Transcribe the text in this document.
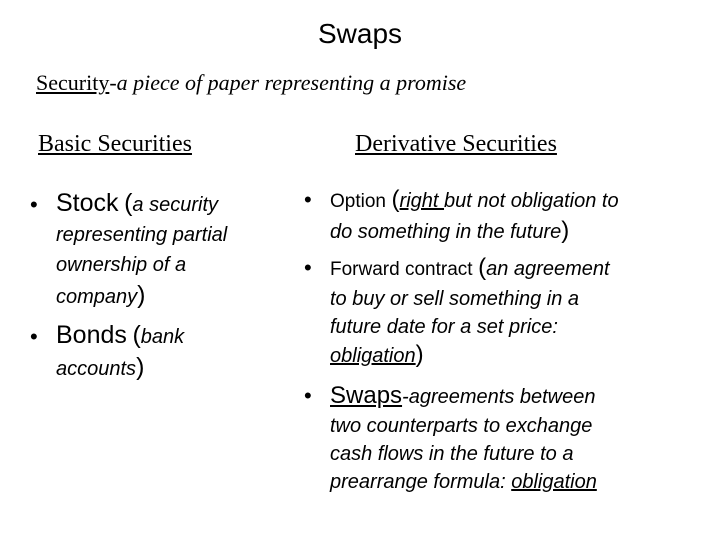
Swaps
Security-a piece of paper representing a promise
Basic Securities	Derivative Securities
• Stock (a security
representing partial
ownership of a
company)
• Bonds (bank
accounts)
• Option (right but not obligation to
do something in the future)
• Forward contract (an agreement
to buy or sell something in a
future date for a set price:
obligation)
• Swaps-agreements between
two counterparts to exchange
cash flows in the future to a
prearrange formula: obligation
